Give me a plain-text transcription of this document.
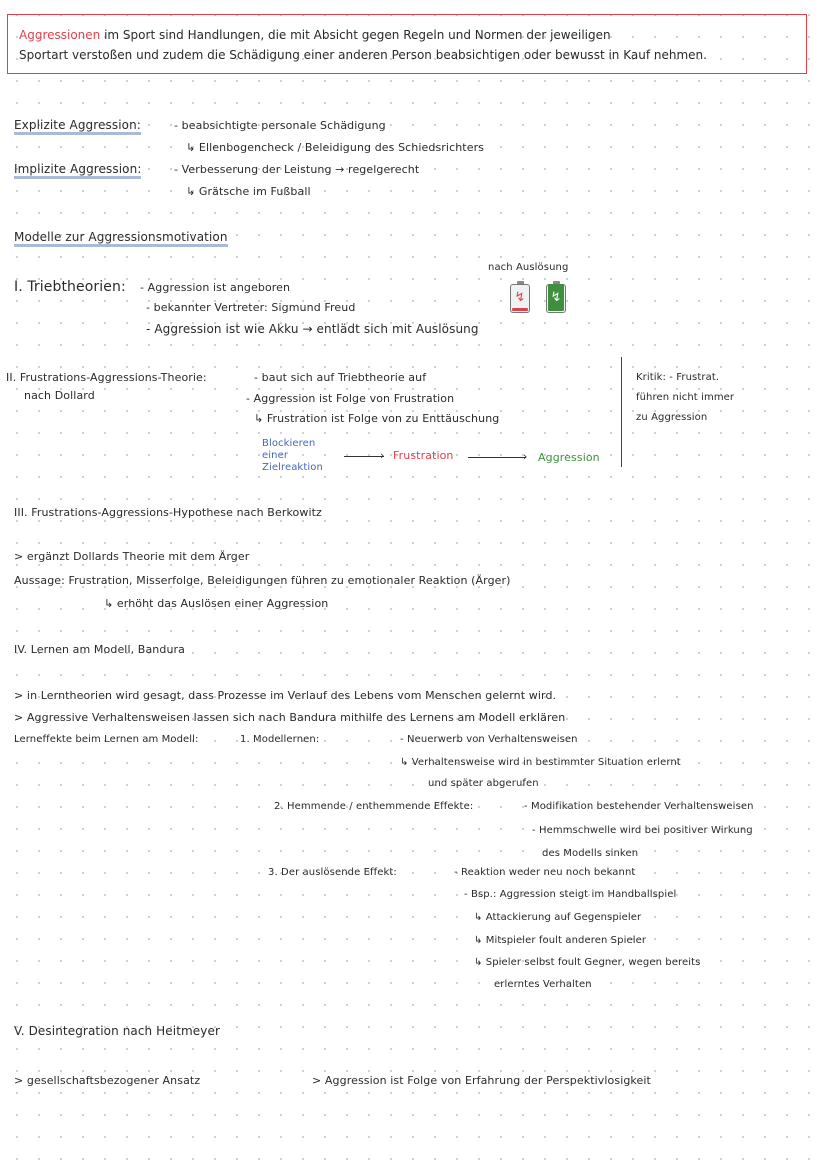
Aggressionen im Sport sind Handlungen, die mit Absicht gegen Regeln und Normen der jeweiligen
Sportart verstoßen und zudem die Schädigung einer anderen Person beabsichtigen oder bewusst in Kauf nehmen.
Explizite Aggression:	- beabsichtigte personale Schädigung
↳ Ellenbogencheck / Beleidigung des Schiedsrichters
Implizite Aggression:	- Verbesserung der Leistung → regelgerecht
↳ Grätsche im Fußball
Modelle zur Aggressionsmotivation
I. Triebtheorien: - Aggression ist angeboren
- bekannter Vertreter: Sigmund Freud
- Aggression ist wie Akku → entlädt sich mit Auslösung
nach Auslösung
↯ ↯
II. Frustrations-Aggressions-Theorie:
nach Dollard
- baut sich auf Triebtheorie auf
- Aggression ist Folge von Frustration
↳ Frustration ist Folge von zu Enttäuschung
Blockieren
einer
Zielreaktion
› Frustration	› Aggression
Kritik: - Frustrat.
führen nicht immer
zu Aggression
III. Frustrations-Aggressions-Hypothese nach Berkowitz
> ergänzt Dollards Theorie mit dem Ärger
Aussage: Frustration, Misserfolge, Beleidigungen führen zu emotionaler Reaktion (Ärger)
↳ erhöht das Auslösen einer Aggression
IV. Lernen am Modell, Bandura
> in Lerntheorien wird gesagt, dass Prozesse im Verlauf des Lebens vom Menschen gelernt wird.
> Aggressive Verhaltensweisen lassen sich nach Bandura mithilfe des Lernens am Modell erklären
Lerneffekte beim Lernen am Modell:	1. Modellernen:	- Neuerwerb von Verhaltensweisen
↳ Verhaltensweise wird in bestimmter Situation erlernt
und später abgerufen
2. Hemmende / enthemmende Effekte:	- Modifikation bestehender Verhaltensweisen
- Hemmschwelle wird bei positiver Wirkung
des Modells sinken
3. Der auslösende Effekt:	- Reaktion weder neu noch bekannt
- Bsp.: Aggression steigt im Handballspiel
↳ Attackierung auf Gegenspieler
↳ Mitspieler foult anderen Spieler
↳ Spieler selbst foult Gegner, wegen bereits
erlerntes Verhalten
V. Desintegration nach Heitmeyer
> gesellschaftsbezogener Ansatz	> Aggression ist Folge von Erfahrung der Perspektivlosigkeit
